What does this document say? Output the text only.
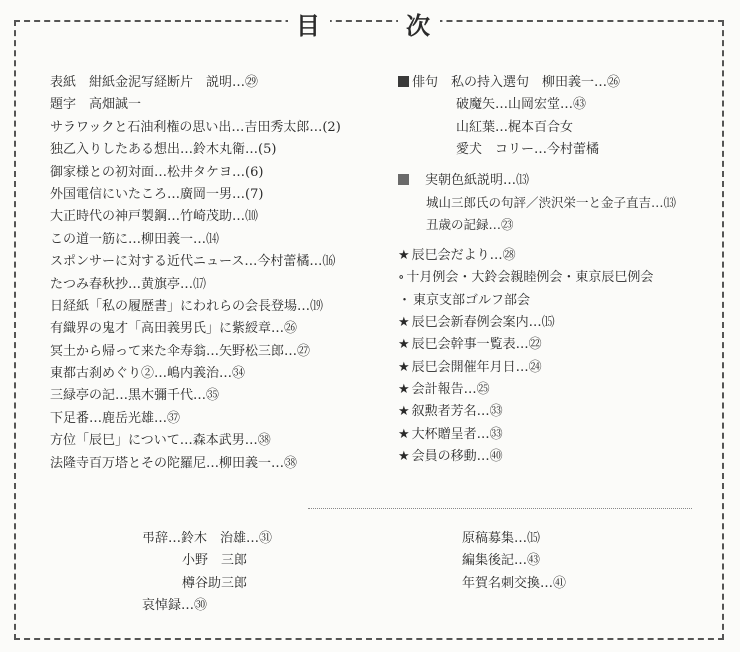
目	次
表紙　紺紙金泥写経断片　説明…㉙
題字　高畑誠一
サラワックと石油利権の思い出…吉田秀太郎…(2)
独乙入りしたある想出…鈴木丸衛…(5)
御家様との初対面…松井タケヨ…(6)
外国電信にいたころ…廣岡一男…(7)
大正時代の神戸製鋼…竹崎茂助…⑽
この道一筋に…柳田義一…⒁
スポンサーに対する近代ニュース…今村蕾橘…⒃
たつみ春秋抄…黄旗亭…⒄
日経紙「私の履歴書」にわれらの会長登場…⒆
有織界の鬼才「高田義男氏」に紫綬章…㉖
冥土から帰って来た伞寿翁…矢野松三郎…㉗
東都古刹めぐり②…嶋内義治…㉞
三緑亭の記…黒木彌千代…㉟
下足番…鹿岳光雄…㊲
方位「辰巳」について…森本武男…㊳
法隆寺百万塔とその陀羅尼…柳田義一…㊳
俳句　 私の持入選句　柳田義一…㉖
破魔矢…山岡宏堂…㊸
山紅葉…梶本百合女
愛犬　コリー…今村蕾橘
　実朝色紙説明…⒀
城山三郎氏の句評／渋沢栄一と金子直吉…⒀
丑歳の記録…㉓
★ 辰巳会だより…㉘
∘ 十月例会・大鈴会親睦例会・東京辰巳例会
・ 東京支部ゴルフ部会
★ 辰巳会新春例会案内…⒂
★ 辰巳会幹事一覧表…㉒
★ 辰巳会開催年月日…㉔
★ 会計報告…㉕
★ 叙勲者芳名…㉝
★ 大杯贈呈者…㉝
★ 会員の移動…㊵
弔辞…鈴木　治雄…㉛
小野　三郎
樽谷助三郎
哀悼録…㉚
原稿募集…⒂
編集後記…㊸
年賀名刺交換…㊶
